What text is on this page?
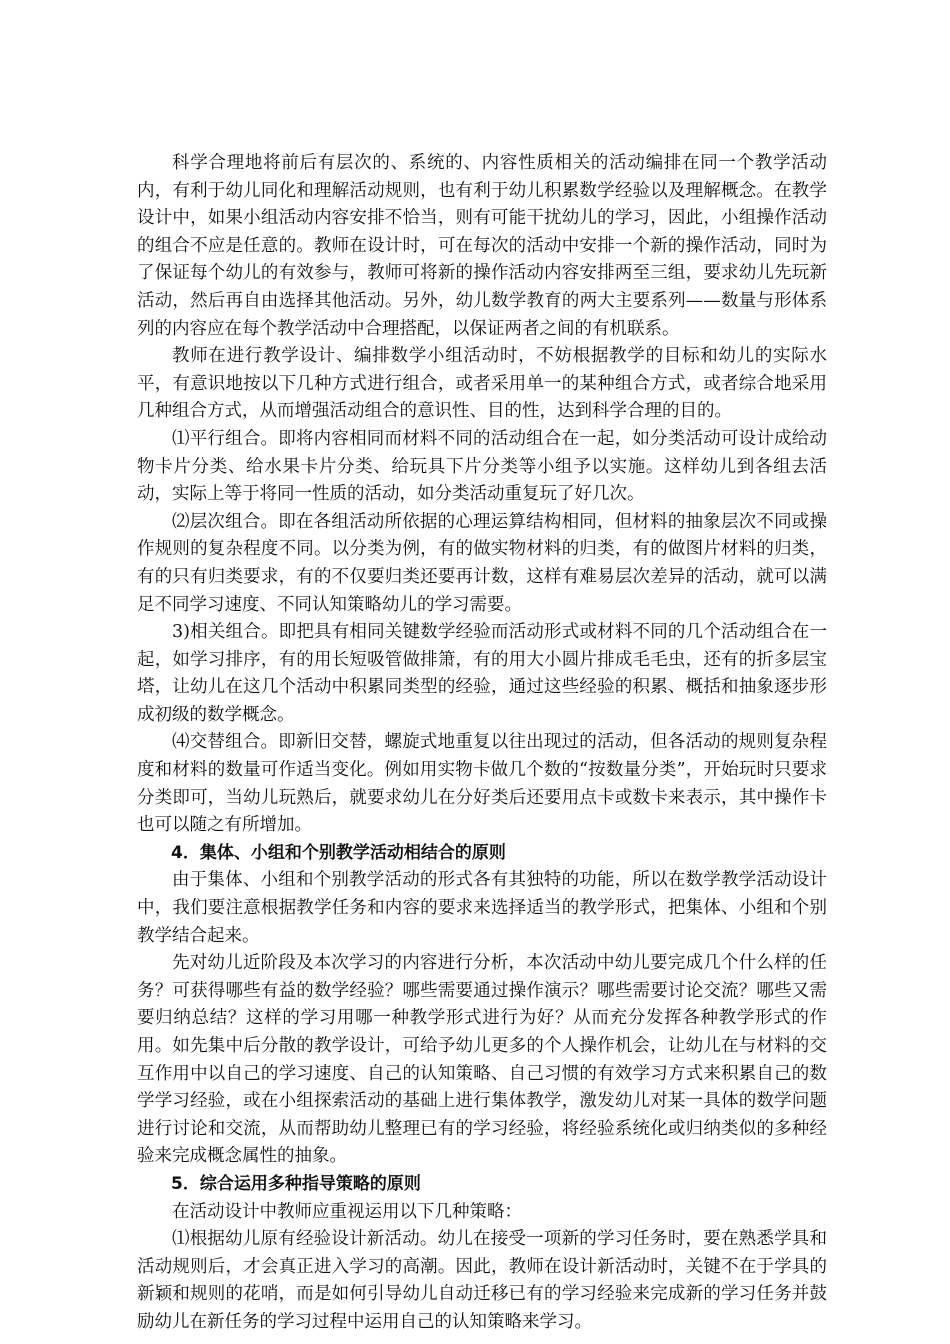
科学合理地将前后有层次的、系统的、内容性质相关的活动编排在同一个教学活动内，有利于幼儿同化和理解活动规则，也有利于幼儿积累数学经验以及理解概念。在教学设计中，如果小组活动内容安排不恰当，则有可能干扰幼儿的学习，因此，小组操作活动的组合不应是任意的。教师在设计时，可在每次的活动中安排一个新的操作活动，同时为了保证每个幼儿的有效参与，教师可将新的操作活动内容安排两至三组，要求幼儿先玩新活动，然后再自由选择其他活动。另外，幼儿数学教育的两大主要系列——数量与形体系列的内容应在每个教学活动中合理搭配，以保证两者之间的有机联系。

教师在进行教学设计、编排数学小组活动时，不妨根据教学的目标和幼儿的实际水平，有意识地按以下几种方式进行组合，或者采用单一的某种组合方式，或者综合地采用几种组合方式，从而增强活动组合的意识性、目的性，达到科学合理的目的。

⑴平行组合。即将内容相同而材料不同的活动组合在一起，如分类活动可设计成给动物卡片分类、给水果卡片分类、给玩具下片分类等小组予以实施。这样幼儿到各组去活动，实际上等于将同一性质的活动，如分类活动重复玩了好几次。

⑵层次组合。即在各组活动所依据的心理运算结构相同，但材料的抽象层次不同或操作规则的复杂程度不同。以分类为例，有的做实物材料的归类，有的做图片材料的归类，有的只有归类要求，有的不仅要归类还要再计数，这样有难易层次差异的活动，就可以满足不同学习速度、不同认知策略幼儿的学习需要。

3)相关组合。即把具有相同关键数学经验而活动形式或材料不同的几个活动组合在一起，如学习排序，有的用长短吸管做排箫，有的用大小圆片排成毛毛虫，还有的折多层宝塔，让幼儿在这几个活动中积累同类型的经验，通过这些经验的积累、概括和抽象逐步形成初级的数学概念。

⑷交替组合。即新旧交替，螺旋式地重复以往出现过的活动，但各活动的规则复杂程度和材料的数量可作适当变化。例如用实物卡做几个数的“按数量分类”，开始玩时只要求分类即可，当幼儿玩熟后，就要求幼儿在分好类后还要用点卡或数卡来表示，其中操作卡也可以随之有所增加。

4．集体、小组和个别教学活动相结合的原则

由于集体、小组和个别教学活动的形式各有其独特的功能，所以在数学教学活动设计中，我们要注意根据教学任务和内容的要求来选择适当的教学形式，把集体、小组和个别教学结合起来。

先对幼儿近阶段及本次学习的内容进行分析，本次活动中幼儿要完成几个什么样的任务？可获得哪些有益的数学经验？哪些需要通过操作演示？哪些需要讨论交流？哪些又需要归纳总结？这样的学习用哪一种教学形式进行为好？从而充分发挥各种教学形式的作用。如先集中后分散的教学设计，可给予幼儿更多的个人操作机会，让幼儿在与材料的交互作用中以自己的学习速度、自己的认知策略、自己习惯的有效学习方式来积累自己的数学学习经验，或在小组探索活动的基础上进行集体教学，激发幼儿对某一具体的数学问题进行讨论和交流，从而帮助幼儿整理已有的学习经验，将经验系统化或归纳类似的多种经验来完成概念属性的抽象。

5．综合运用多种指导策略的原则

在活动设计中教师应重视运用以下几种策略：

⑴根据幼儿原有经验设计新活动。幼儿在接受一项新的学习任务时，要在熟悉学具和活动规则后，才会真正进入学习的高潮。因此，教师在设计新活动时，关键不在于学具的新颖和规则的花哨，而是如何引导幼儿自动迁移已有的学习经验来完成新的学习任务并鼓励幼儿在新任务的学习过程中运用自己的认知策略来学习。
